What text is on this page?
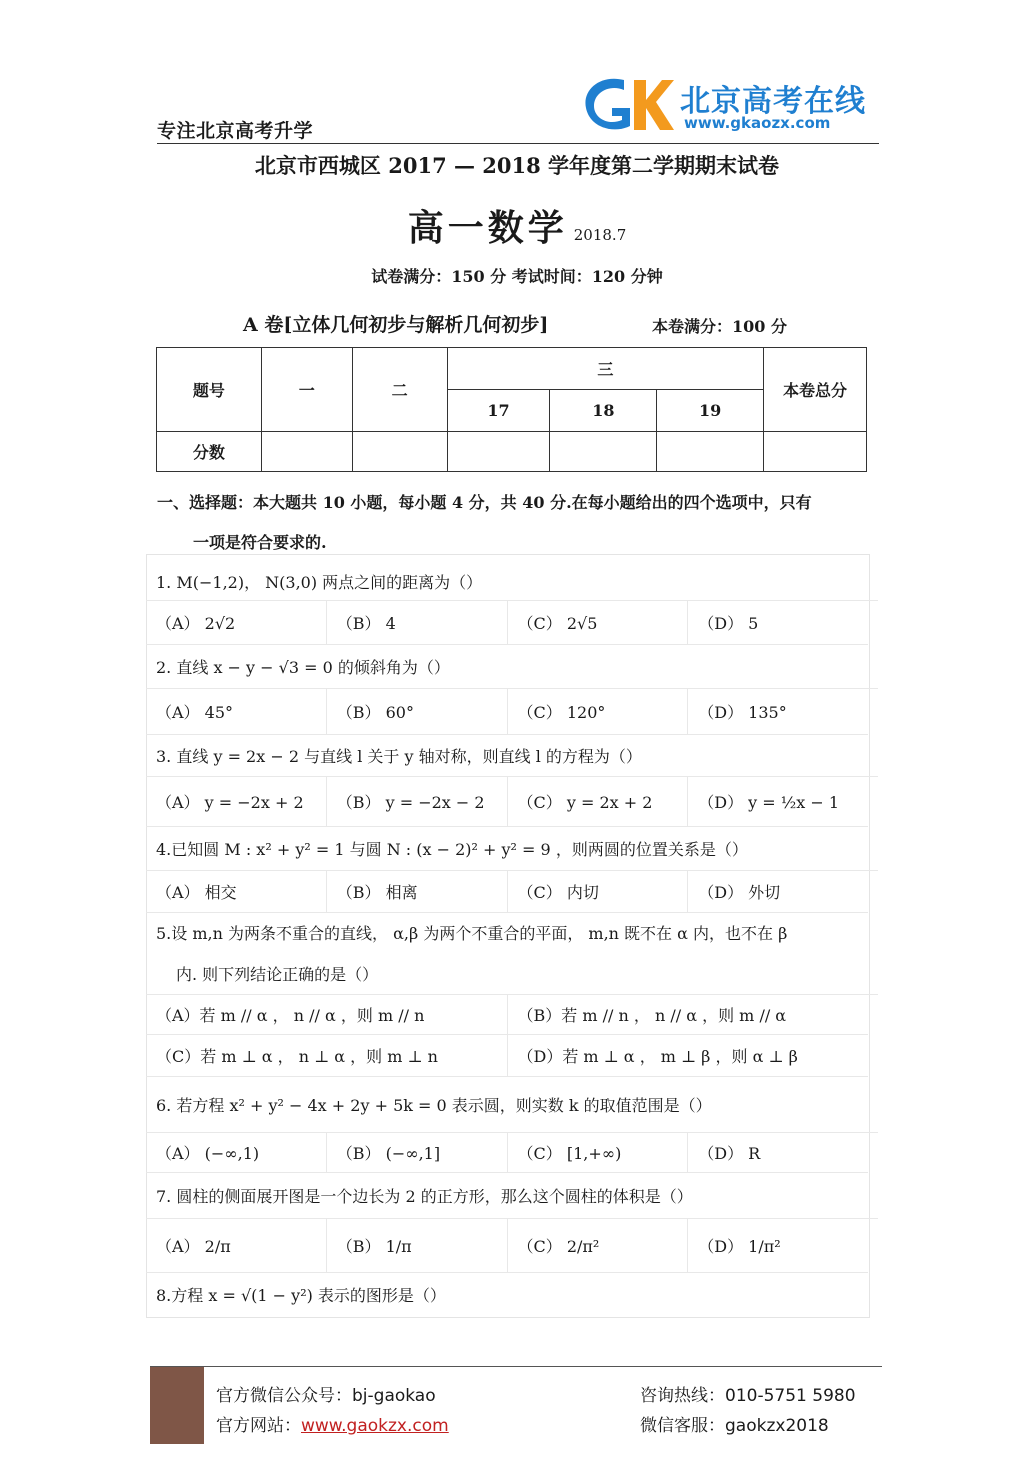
专注北京高考升学
北京高考在线
www.gkaozx.com
北京市西城区 2017 — 2018 学年度第二学期期末试卷
高一数学 2018.7
试卷满分：150 分 考试时间：120 分钟
A 卷[立体几何初步与解析几何初步]	本卷满分：100 分
题号	一	二	三			本卷总分
			17	18	19	
分数						
一、选择题：本大题共 10 小题，每小题 4 分，共 40 分.在每小题给出的四个选项中，只有
一项是符合要求的.
1. M(−1,2)， N(3,0) 两点之间的距离为（）
（A） 2√2	（B） 4	（C） 2√5	（D） 5
2. 直线 x − y − √3 = 0 的倾斜角为（）
（A） 45°	（B） 60°	（C） 120°	（D） 135°
3. 直线 y = 2x − 2 与直线 l 关于 y 轴对称，则直线 l 的方程为（）
（A） y = −2x + 2	（B） y = −2x − 2	（C） y = 2x + 2	（D） y = ½x − 1
4.已知圆 M : x² + y² = 1 与圆 N : (x − 2)² + y² = 9 ，则两圆的位置关系是（）
（A） 相交	（B） 相离	（C） 内切	（D） 外切
5.设 m,n 为两条不重合的直线， α,β 为两个不重合的平面， m,n 既不在 α 内，也不在 β
内. 则下列结论正确的是（）
（A）若 m // α ， n // α ，则 m // n	（B）若 m // n ， n // α ，则 m // α
（C）若 m ⊥ α ， n ⊥ α ，则 m ⊥ n	（D）若 m ⊥ α ， m ⊥ β ，则 α ⊥ β
6. 若方程 x² + y² − 4x + 2y + 5k = 0 表示圆，则实数 k 的取值范围是（）
（A） (−∞,1)	（B） (−∞,1]	（C） [1,+∞)	（D） R
7. 圆柱的侧面展开图是一个边长为 2 的正方形，那么这个圆柱的体积是（）
（A） 2/π	（B） 1/π	（C） 2/π²	（D） 1/π²
8.方程 x = √(1 − y²) 表示的图形是（）
官方微信公众号：bj-gaokao
官方网站：www.gaokzx.com
咨询热线：010-5751 5980
微信客服：gaokzx2018
